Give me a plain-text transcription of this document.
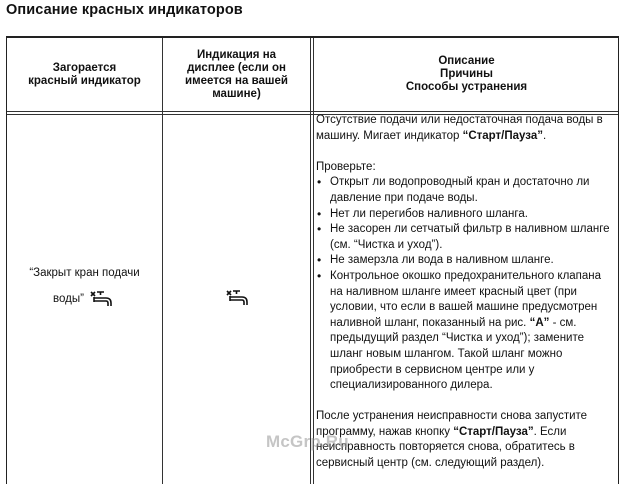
Описание красных индикаторов
Загорается
красный индикатор
Индикация на
дисплее (если он
имеется на вашей
машине)
Описание
Причины
Способы устранения
“Закрыт кран подачи
воды”

Отсутствие подачи или недостаточная подача воды в машину. Мигает индикатор “Старт/Пауза”.

Проверьте:

• Открыт ли водопроводный кран и достаточно ли давление при подаче воды.
• Нет ли перегибов наливного шланга.
• Не засорен ли сетчатый фильтр в наливном шланге (см. “Чистка и уход”).
• Не замерзла ли вода в наливном шланге.
• Контрольное окошко предохранительного клапана на наливном шланге имеет красный цвет (при условии, что если в вашей машине предусмотрен наливной шланг, показанный на рис. “А” - см. предыдущий раздел “Чистка и уход”); замените шланг новым шлангом. Такой шланг можно приобрести в сервисном центре или у специализированного дилера.

После устранения неисправности снова запустите программу, нажав кнопку “Старт/Пауза”. Если неисправность повторяется снова, обратитесь в сервисный центр (см. следующий раздел).

McGrp.Ru
